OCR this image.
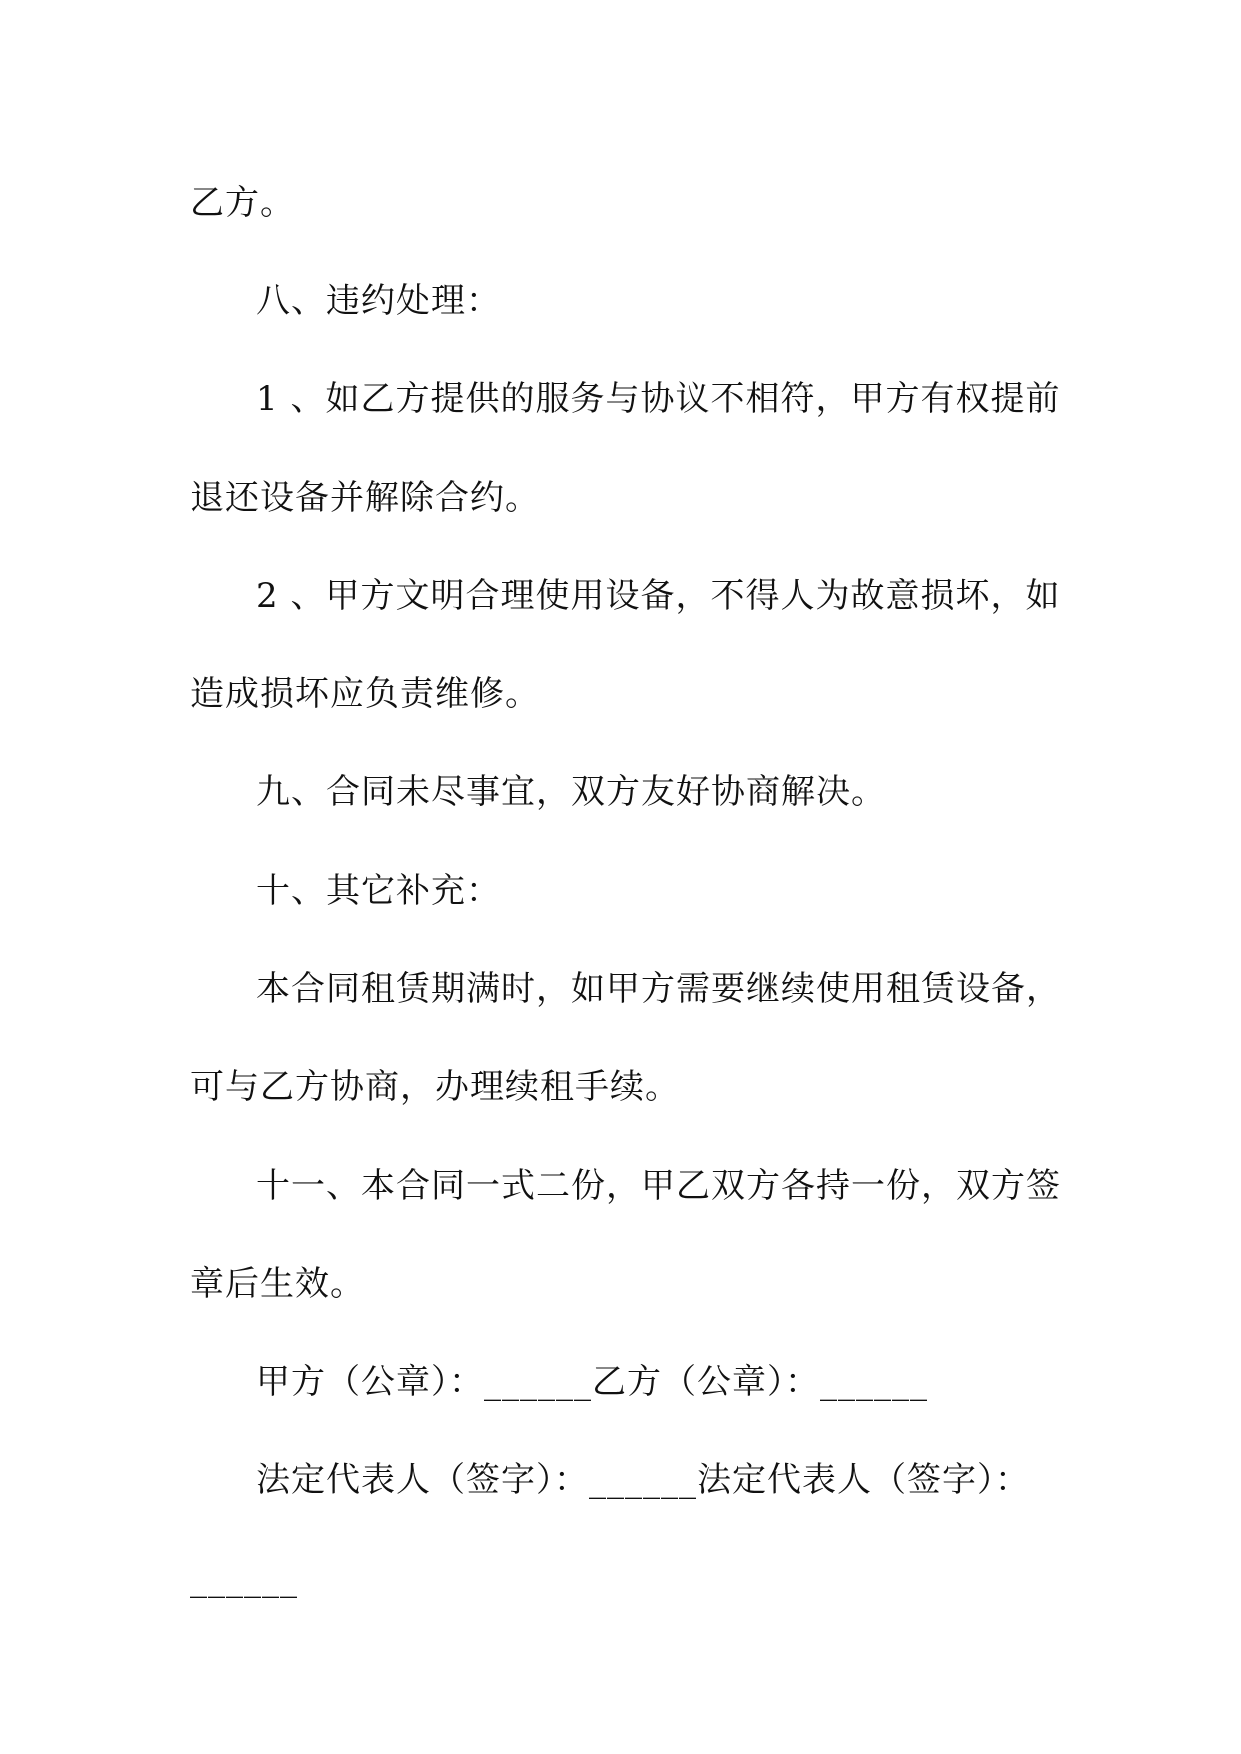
乙方。
八、违约处理：
1 、如乙方提供的服务与协议不相符，甲方有权提前
退还设备并解除合约。
2 、甲方文明合理使用设备，不得人为故意损坏，如
造成损坏应负责维修。
九、合同未尽事宜，双方友好协商解决。
十、其它补充：
本合同租赁期满时，如甲方需要继续使用租赁设备，
可与乙方协商，办理续租手续。
十一、本合同一式二份，甲乙双方各持一份，双方签
章后生效。
甲方（公章）：______乙方（公章）：______
法定代表人（签字）：______法定代表人（签字）：
______
